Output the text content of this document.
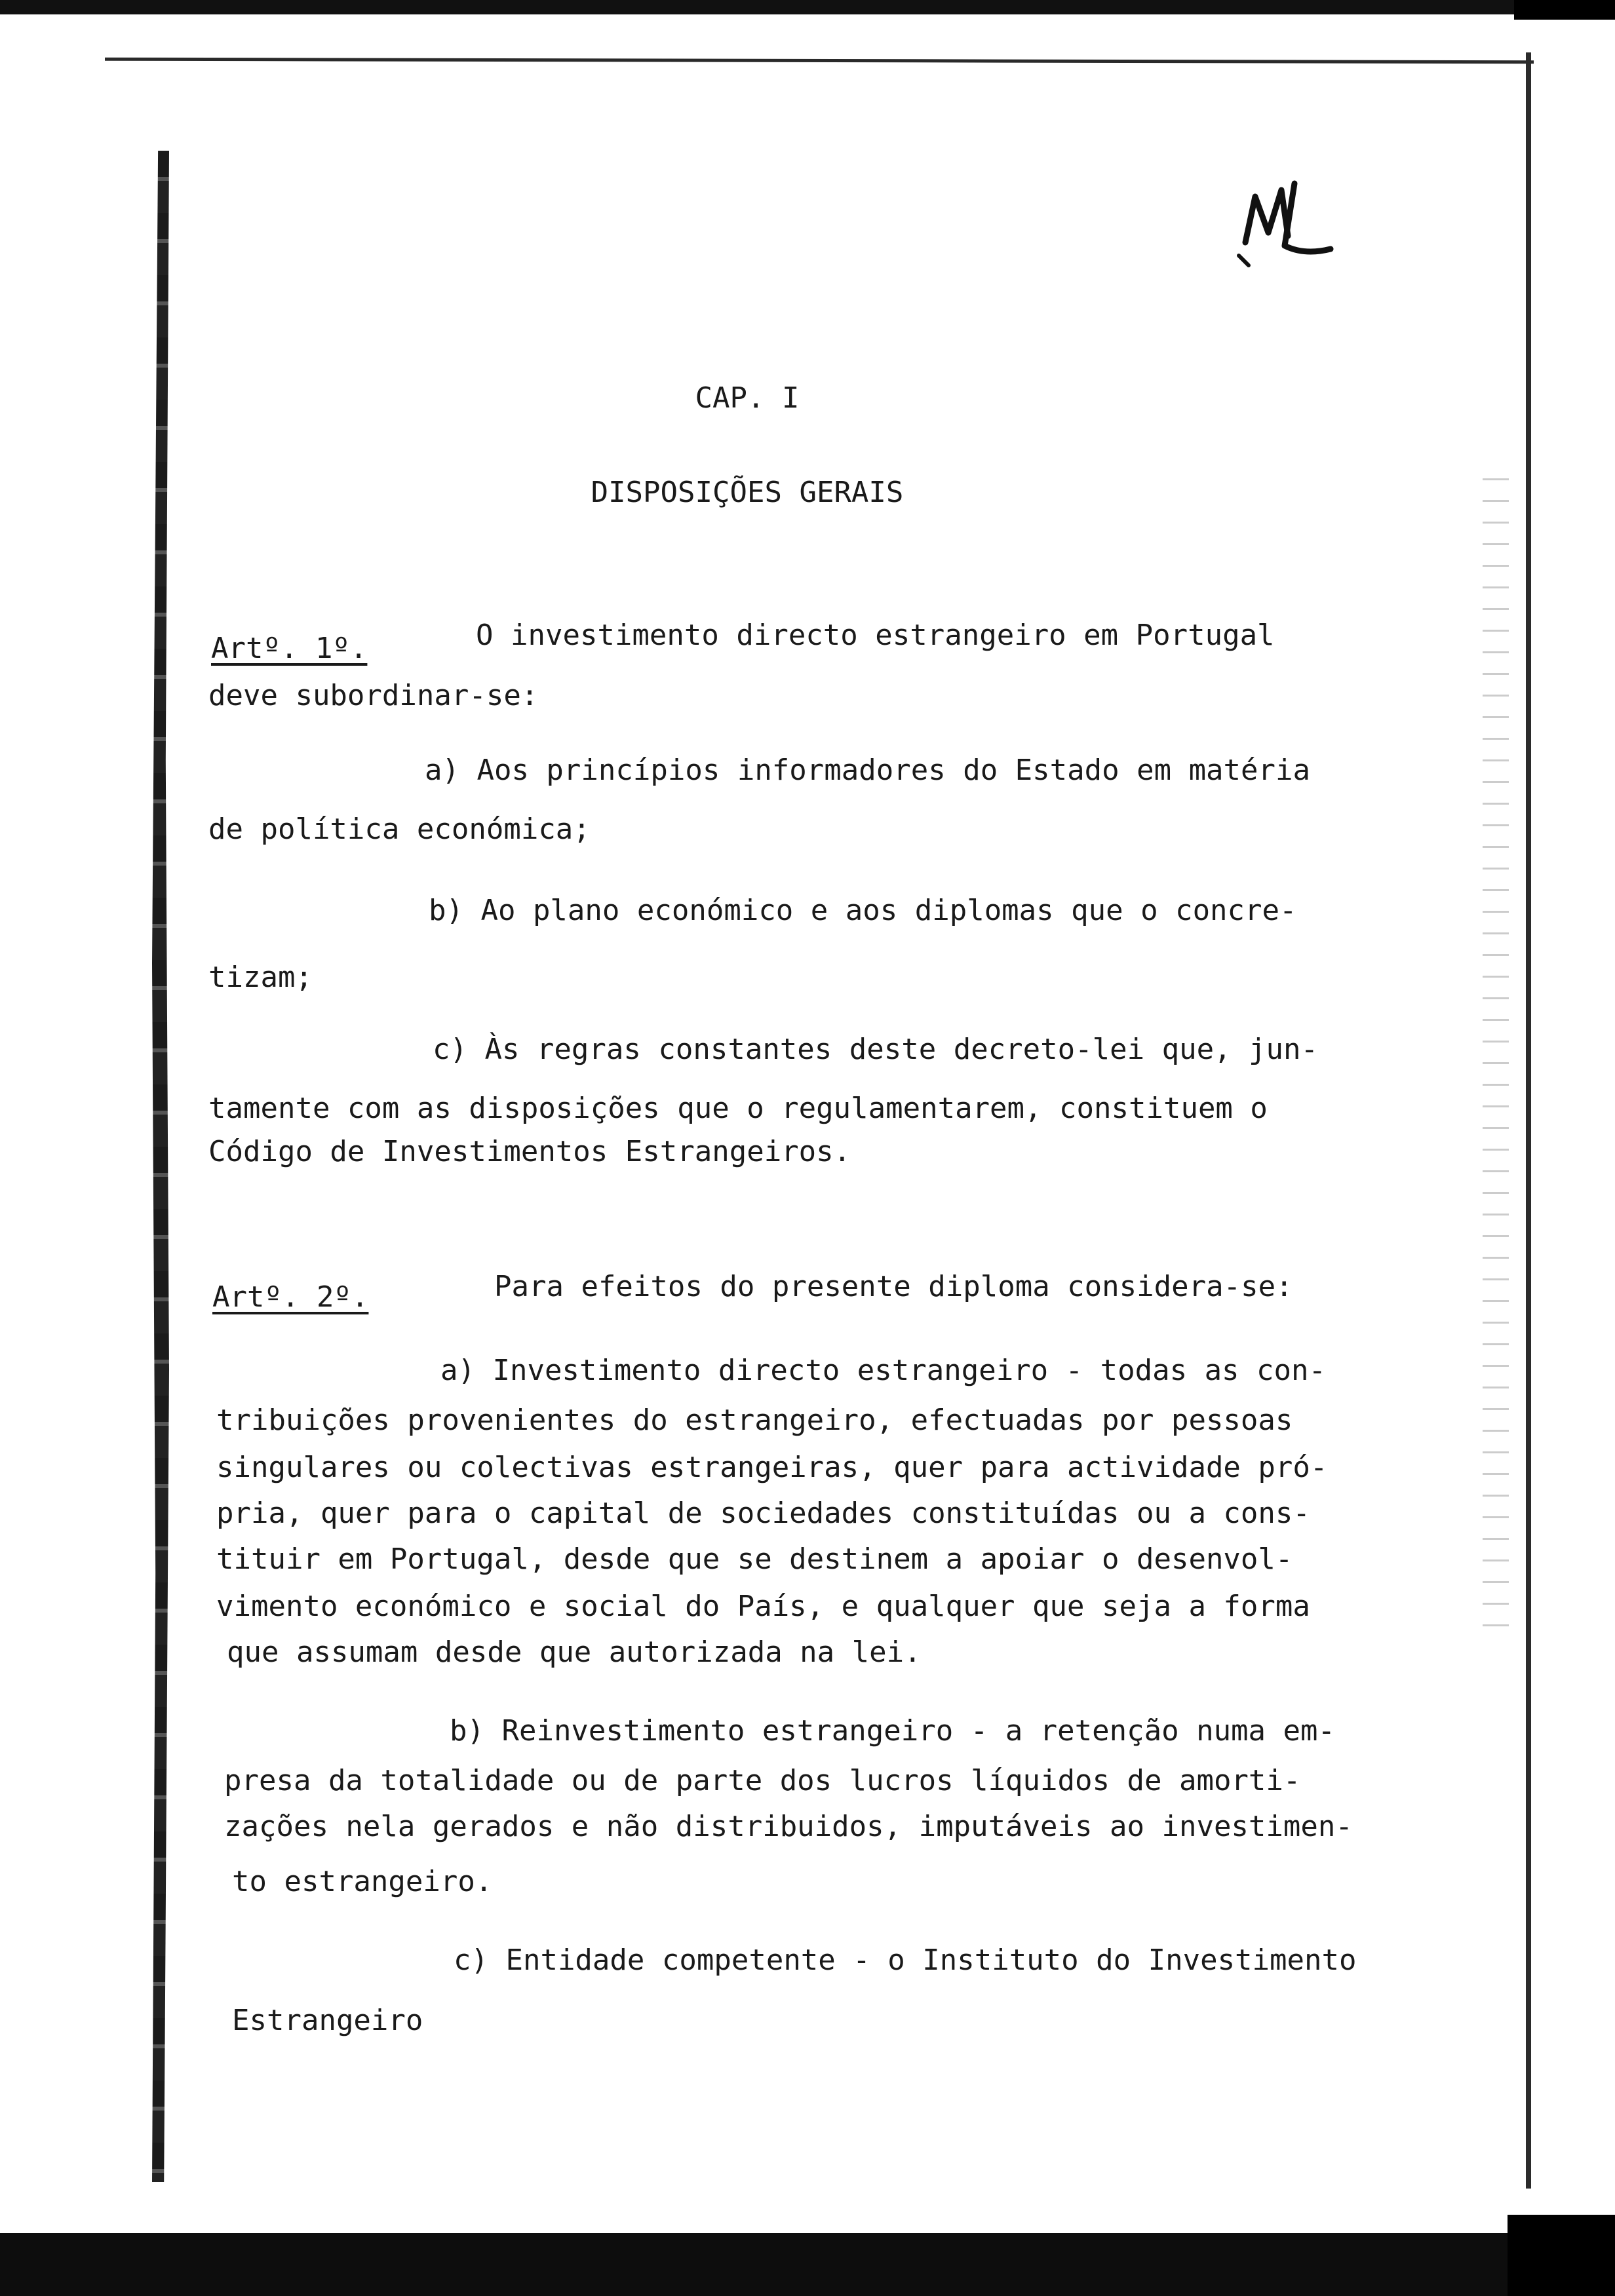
CAP. I

DISPOSIÇÕES GERAIS

Artº. 1º.	O investimento directo estrangeiro em Portugal

deve subordinar-se:

a) Aos princípios informadores do Estado em matéria

de política económica;

b) Ao plano económico e aos diplomas que o concre-

tizam;

c) Às regras constantes deste decreto-lei que, jun-

tamente com as disposições que o regulamentarem, constituem o

Código de Investimentos Estrangeiros.

Artº. 2º.	Para efeitos do presente diploma considera-se:

a) Investimento directo estrangeiro - todas as con-

tribuições provenientes do estrangeiro, efectuadas por pessoas

singulares ou colectivas estrangeiras, quer para actividade pró-

pria, quer para o capital de sociedades constituídas ou a cons-

tituir em Portugal, desde que se destinem a apoiar o desenvol-

vimento económico e social do País, e qualquer que seja a forma

que assumam desde que autorizada na lei.

b) Reinvestimento estrangeiro - a retenção numa em-

presa da totalidade ou de parte dos lucros líquidos de amorti-

zações nela gerados e não distribuidos, imputáveis ao investimen-

to estrangeiro.

c) Entidade competente - o Instituto do Investimento

Estrangeiro
